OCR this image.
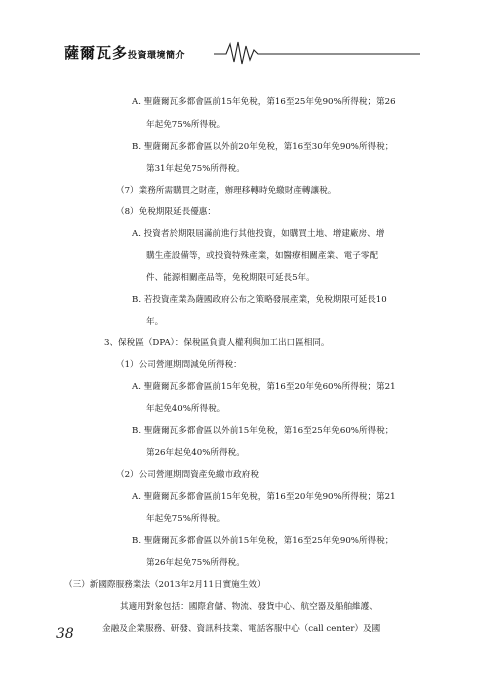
薩爾瓦多投資環境簡介
A. 聖薩爾瓦多都會區前15年免稅，第16至25年免90%所得稅；第26
年起免75%所得稅。
B. 聖薩爾瓦多都會區以外前20年免稅，第16至30年免90%所得稅；
第31年起免75%所得稅。
（7）業務所需購買之財產，辦理移轉時免繳財產轉讓稅。
（8）免稅期限延長優惠：
A. 投資者於期限屆滿前進行其他投資，如購買土地、增建廠房、增
購生產設備等，或投資特殊產業，如醫療相關產業、電子零配
件、能源相關產品等，免稅期限可延長5年。
B. 若投資產業為薩國政府公布之策略發展產業，免稅期限可延長10
年。
3、保稅區（DPA）：保稅區負責人權利與加工出口區相同。
（1）公司營運期間減免所得稅：
A. 聖薩爾瓦多都會區前15年免稅，第16至20年免60%所得稅；第21
年起免40%所得稅。
B. 聖薩爾瓦多都會區以外前15年免稅，第16至25年免60%所得稅；
第26年起免40%所得稅。
（2）公司營運期間資產免繳市政府稅
A. 聖薩爾瓦多都會區前15年免稅，第16至20年免90%所得稅；第21
年起免75%所得稅。
B. 聖薩爾瓦多都會區以外前15年免稅，第16至25年免90%所得稅；
第26年起免75%所得稅。
（三）新國際服務業法（2013年2月11日實施生效）
其適用對象包括：國際倉儲、物流、發貨中心、航空器及船舶維護、
金融及企業服務、研發、資訊科技業、電話客服中心（call center）及國
38
